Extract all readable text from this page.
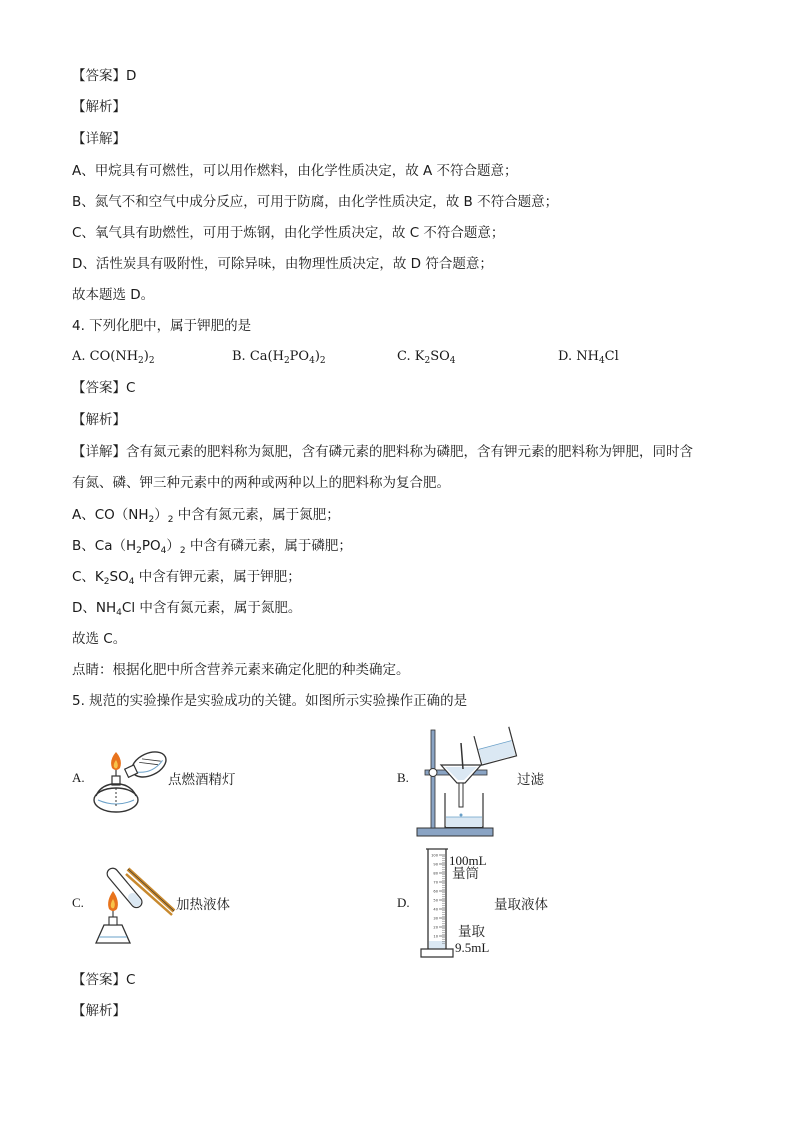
【答案】D
【解析】
【详解】
A、甲烷具有可燃性，可以用作燃料，由化学性质决定，故 A 不符合题意；
B、氮气不和空气中成分反应，可用于防腐，由化学性质决定，故 B 不符合题意；
C、氧气具有助燃性，可用于炼钢，由化学性质决定，故 C 不符合题意；
D、活性炭具有吸附性，可除异味，由物理性质决定，故 D 符合题意；
故本题选 D。
4. 下列化肥中，属于钾肥的是
A. $CO(NH_2)_2$	B. $Ca(H_2PO_4)_2$	C. $K_2SO_4$	D. $NH_4Cl$
【答案】C
【解析】
【详解】含有氮元素的肥料称为氮肥，含有磷元素的肥料称为磷肥，含有钾元素的肥料称为钾肥，同时含
有氮、磷、钾三种元素中的两种或两种以上的肥料称为复合肥。
A、$CO(NH_2)_2$ 中含有氮元素，属于氮肥；
B、$Ca(H_2PO_4)_2$ 中含有磷元素，属于磷肥；
C、$K_2SO_4$ 中含有钾元素，属于钾肥；
D、$NH_4Cl$ 中含有氮元素，属于氮肥。
故选 C。
点睛：根据化肥中所含营养元素来确定化肥的种类确定。
5. 规范的实验操作是实验成功的关键。如图所示实验操作正确的是
A.	点燃酒精灯	B.	过滤
C.	加热液体	D.
100
90
80
70
60
50
40
30
20
10
100mL
量筒
量取
9.5mL
量取液体
【答案】C
【解析】
